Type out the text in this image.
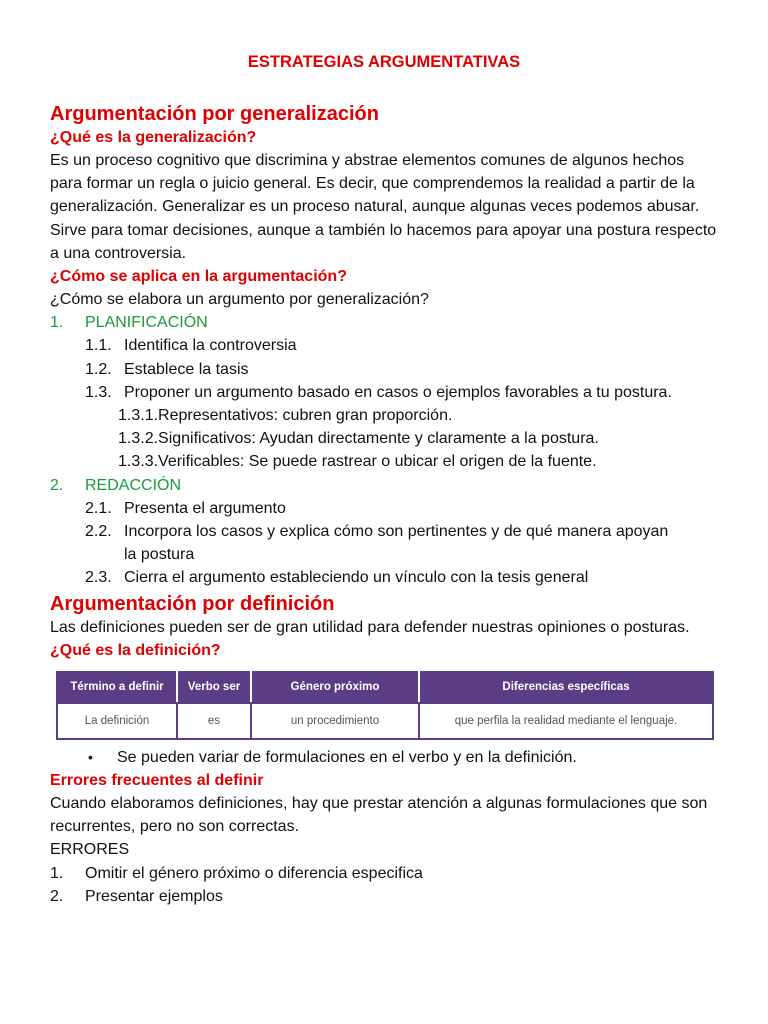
ESTRATEGIAS ARGUMENTATIVAS
Argumentación por generalización
¿Qué es la generalización?

Es un proceso cognitivo que discrimina y abstrae elementos comunes de algunos hechos para formar un regla o juicio general. Es decir, que comprendemos la realidad a partir de la generalización. Generalizar es un proceso natural, aunque algunas veces podemos abusar.

Sirve para tomar decisiones, aunque a también lo hacemos para apoyar una postura respecto a una controversia.

¿Cómo se aplica en la argumentación?

¿Cómo se elabora un argumento por generalización?

1.	PLANIFICACIÓN
1.1. Identifica la controversia
1.2. Establece la tasis
1.3. Proponer un argumento basado en casos o ejemplos favorables a tu postura.
1.3.1.Representativos: cubren gran proporción.
1.3.2.Significativos: Ayudan directamente y claramente a la postura.
1.3.3.Verificables: Se puede rastrear o ubicar el origen de la fuente.
2.	REDACCIÓN
2.1. Presenta el argumento
2.2. Incorpora los casos y explica cómo son pertinentes y de qué manera apoyan la postura
2.3. Cierra el argumento estableciendo un vínculo con la tesis general
Argumentación por definición

Las definiciones pueden ser de gran utilidad para defender nuestras opiniones o posturas.

¿Qué es la definición?
Término a definir	Verbo ser	Género próximo	Diferencias específicas
La definición	es	un procedimiento	que perfila la realidad mediante el lenguaje.
•	Se pueden variar de formulaciones en el verbo y en la definición.
Errores frecuentes al definir

Cuando elaboramos definiciones, hay que prestar atención a algunas formulaciones que son recurrentes, pero no son correctas.

ERRORES

1.	Omitir el género próximo o diferencia especifica
2.	Presentar ejemplos
